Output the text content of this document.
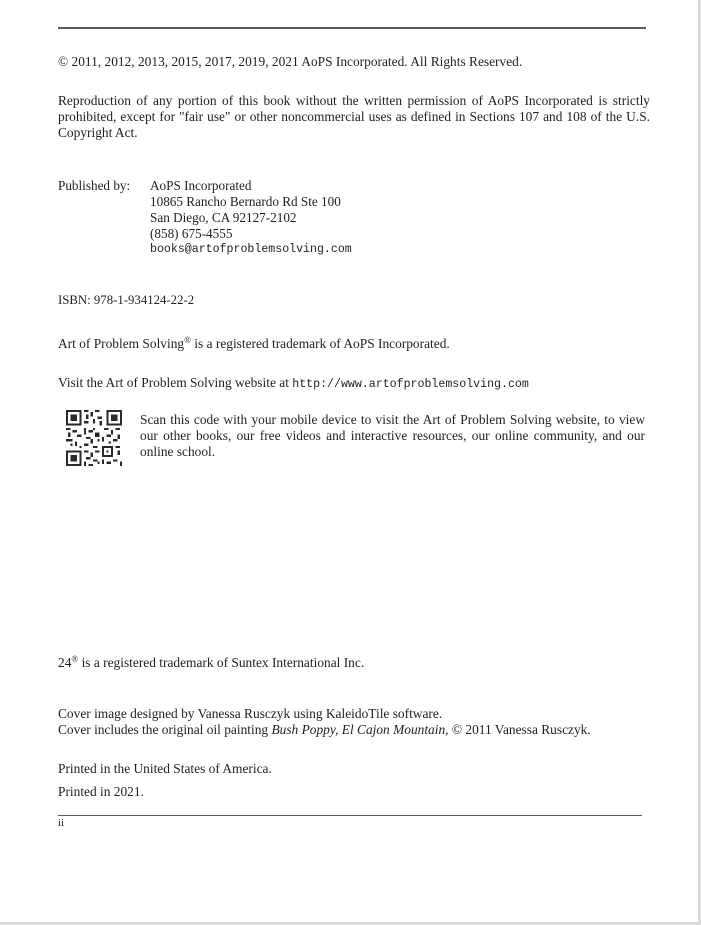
© 2011, 2012, 2013, 2015, 2017, 2019, 2021 AoPS Incorporated. All Rights Reserved.
Reproduction of any portion of this book without the written permission of AoPS Incorporated is strictly prohibited, except for "fair use" or other noncommercial uses as defined in Sections 107 and 108 of the U.S. Copyright Act.
Published by: AoPS Incorporated
10865 Rancho Bernardo Rd Ste 100
San Diego, CA 92127-2102
(858) 675-4555
books@artofproblemsolving.com
ISBN: 978-1-934124-22-2
Art of Problem Solving® is a registered trademark of AoPS Incorporated.
Visit the Art of Problem Solving website at http://www.artofproblemsolving.com
Scan this code with your mobile device to visit the Art of Problem Solving website, to view our other books, our free videos and interactive resources, our online community, and our online school.
24® is a registered trademark of Suntex International Inc.
Cover image designed by Vanessa Rusczyk using KaleidoTile software.
Cover includes the original oil painting Bush Poppy, El Cajon Mountain, © 2011 Vanessa Rusczyk.
Printed in the United States of America.
Printed in 2021.
ii
